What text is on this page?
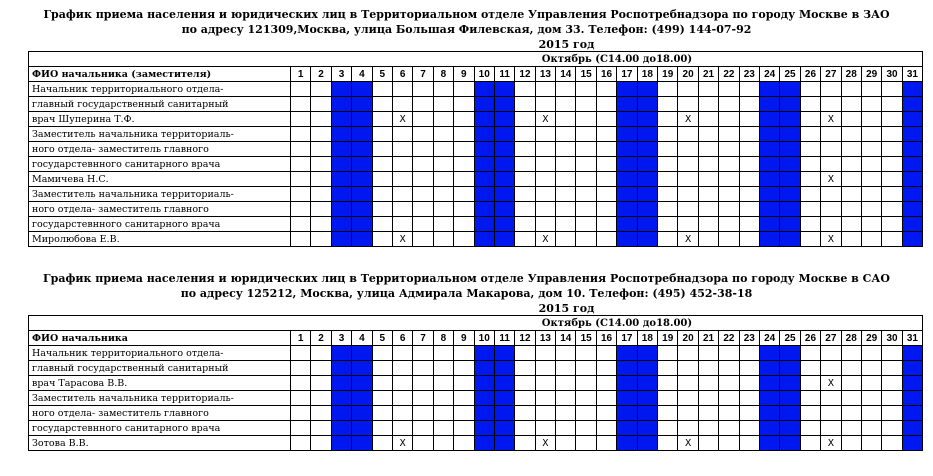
График приема населения и юридических лиц в Территориальном отделе Управления Роспотребнадзора по городу Москве в ЗАО
по адресу 121309,Москва, улица Большая Филевская, дом 33. Телефон: (499) 144-07-92
2015 год
Октябрь (С14.00 до18.00)																															
ФИО начальника (заместителя)	1	2	3	4	5	6	7	8	9	10	11	12	13	14	15	16	17	18	19	20	21	22	23	24	25	26	27	28	29	30	31
Начальник территориального отдела-																															
главный государственный санитарный																															
врач Шуперина Т.Ф.						Х							Х							Х							Х				
Заместитель начальника территориаль-																															
ного отдела- заместитель главного																															
государстевнного санитарного врача																															
Мамичева Н.С.																											Х				
Заместитель начальника территориаль-																															
ного отдела- заместитель главного																															
государстевнного санитарного врача																															
Миролюбова Е.В.						Х							Х							Х							Х				
График приема населения и юридических лиц в Территориальном отделе Управления Роспотребнадзора по городу Москве в САО
по адресу 125212, Москва, улица Адмирала Макарова, дом 10. Телефон: (495) 452-38-18
2015 год
Октябрь (С14.00 до18.00)																															
ФИО начальника	1	2	3	4	5	6	7	8	9	10	11	12	13	14	15	16	17	18	19	20	21	22	23	24	25	26	27	28	29	30	31
Начальник территориального отдела-																															
главный государственный санитарный																															
врач Тарасова В.В.																											Х				
Заместитель начальника территориаль-																															
ного отдела- заместитель главного																															
государстевнного санитарного врача																															
Зотова В.В.						Х							Х							Х							Х				
